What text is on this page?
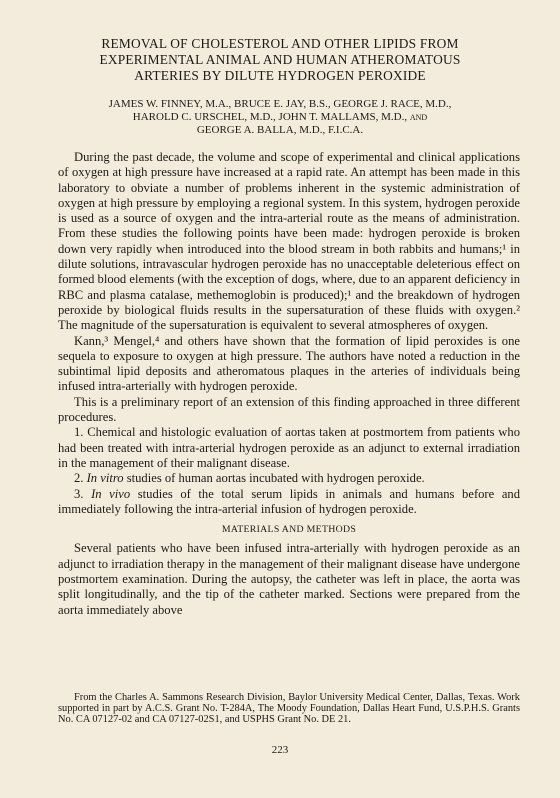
REMOVAL OF CHOLESTEROL AND OTHER LIPIDS FROM
EXPERIMENTAL ANIMAL AND HUMAN ATHEROMATOUS
ARTERIES BY DILUTE HYDROGEN PEROXIDE
JAMES W. FINNEY, M.A., BRUCE E. JAY, B.S., GEORGE J. RACE, M.D.,
HAROLD C. URSCHEL, M.D., JOHN T. MALLAMS, M.D., AND
GEORGE A. BALLA, M.D., F.I.C.A.

During the past decade, the volume and scope of experimental and clinical applications of oxygen at high pressure have increased at a rapid rate. An attempt has been made in this laboratory to obviate a number of problems inherent in the systemic administration of oxygen at high pressure by employing a regional system. In this system, hydrogen peroxide is used as a source of oxygen and the intra-arterial route as the means of administration. From these studies the following points have been made: hydrogen peroxide is broken down very rapidly when introduced into the blood stream in both rabbits and humans;¹ in dilute solutions, intravascular hydrogen peroxide has no unacceptable deleterious effect on formed blood elements (with the exception of dogs, where, due to an apparent deficiency in RBC and plasma catalase, methemoglobin is produced);¹ and the breakdown of hydrogen peroxide by biological fluids results in the supersaturation of these fluids with oxygen.² The magnitude of the supersaturation is equivalent to several atmospheres of oxygen.

Kann,³ Mengel,⁴ and others have shown that the formation of lipid peroxides is one sequela to exposure to oxygen at high pressure. The authors have noted a reduction in the subintimal lipid deposits and atheromatous plaques in the arteries of individuals being infused intra-arterially with hydrogen peroxide.

This is a preliminary report of an extension of this finding approached in three different procedures.

1. Chemical and histologic evaluation of aortas taken at postmortem from patients who had been treated with intra-arterial hydrogen peroxide as an adjunct to external irradiation in the management of their malignant disease.

2. In vitro studies of human aortas incubated with hydrogen peroxide.

3. In vivo studies of the total serum lipids in animals and humans before and immediately following the intra-arterial infusion of hydrogen peroxide.

MATERIALS AND METHODS

Several patients who have been infused intra-arterially with hydrogen peroxide as an adjunct to irradiation therapy in the management of their malignant disease have undergone postmortem examination. During the autopsy, the catheter was left in place, the aorta was split longitudinally, and the tip of the catheter marked. Sections were prepared from the aorta immediately above

From the Charles A. Sammons Research Division, Baylor University Medical Center, Dallas, Texas. Work supported in part by A.C.S. Grant No. T-284A, The Moody Foundation, Dallas Heart Fund, U.S.P.H.S. Grants No. CA 07127-02 and CA 07127-02S1, and USPHS Grant No. DE 21.

223
